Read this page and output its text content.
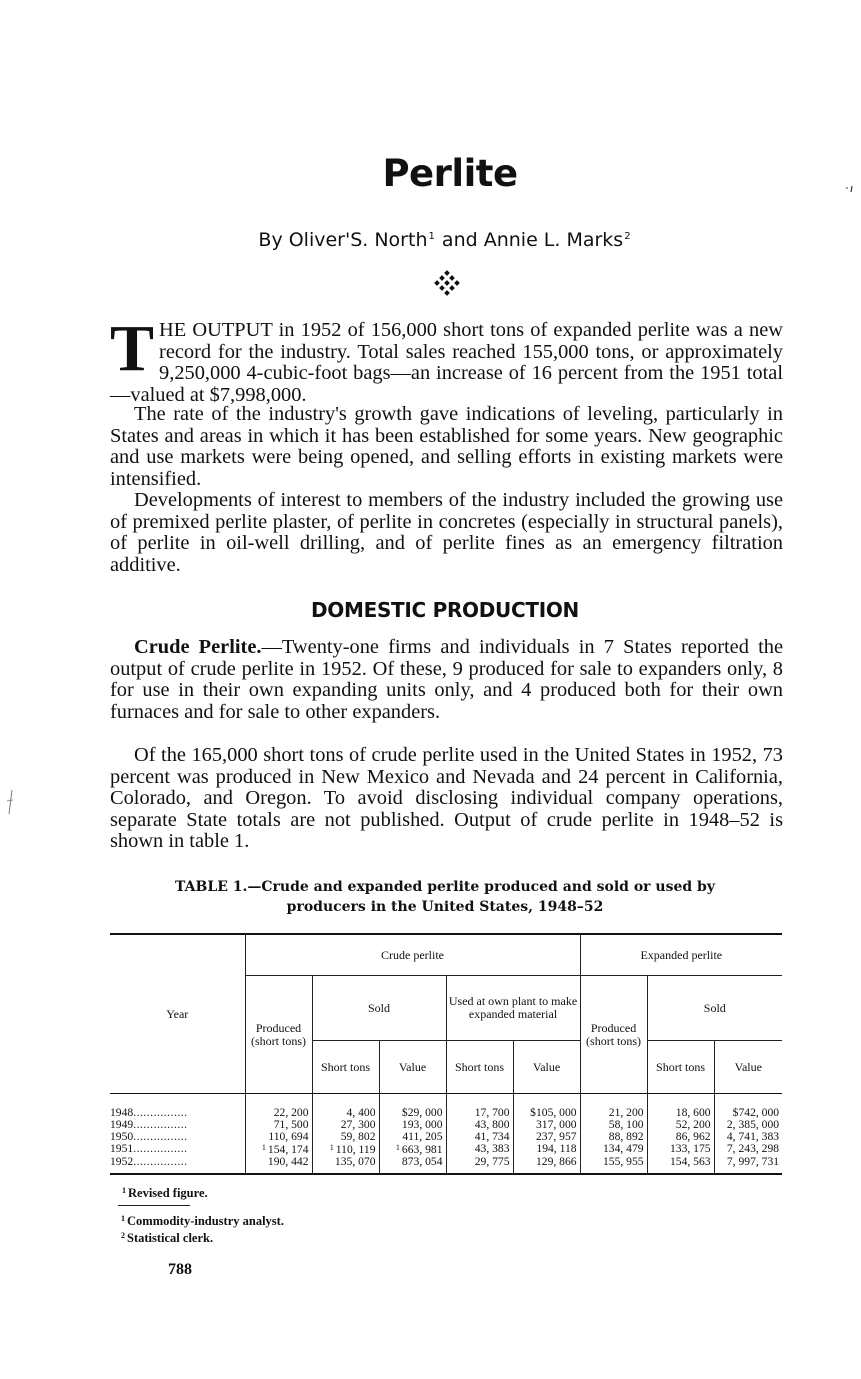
Perlite
By Oliver'S. North$^1$ and Annie L. Marks$^2$

THE OUTPUT in 1952 of 156,000 short tons of expanded perlite was a new record for the industry. Total sales reached 155,000 tons, or approximately 9,250,000 4-cubic-foot bags—an increase of 16 percent from the 1951 total—valued at $7,998,000.

The rate of the industry's growth gave indications of leveling, particularly in States and areas in which it has been established for some years. New geographic and use markets were being opened, and selling efforts in existing markets were intensified.

Developments of interest to members of the industry included the growing use of premixed perlite plaster, of perlite in concretes (especially in structural panels), of perlite in oil-well drilling, and of perlite fines as an emergency filtration additive.

DOMESTIC PRODUCTION

Crude Perlite.—Twenty-one firms and individuals in 7 States reported the output of crude perlite in 1952. Of these, 9 produced for sale to expanders only, 8 for use in their own expanding units only, and 4 produced both for their own furnaces and for sale to other expanders.

Of the 165,000 short tons of crude perlite used in the United States in 1952, 73 percent was produced in New Mexico and Nevada and 24 percent in California, Colorado, and Oregon. To avoid disclosing individual company operations, separate State totals are not published. Output of crude perlite in 1948–52 is shown in table 1.

TABLE 1.—Crude and expanded perlite produced and sold or used by
producers in the United States, 1948–52
Year	Crude perlite					Expanded perlite		
	Produced (short tons)	Sold		Used at own plant to make expanded material		Produced (short tons)	Sold	
		Short tons	Value	Short tons	Value		Short tons	Value
1948................	22, 200	4, 400	$29, 000	17, 700	$105, 000	21, 200	18, 600	$742, 000
1949................	71, 500	27, 300	193, 000	43, 800	317, 000	58, 100	52, 200	2, 385, 000
1950................	110, 694	59, 802	411, 205	41, 734	237, 957	88, 892	86, 962	4, 741, 383
1951................	$^1$ 154, 174	$^1$ 110, 119	$^1$ 663, 981	43, 383	194, 118	134, 479	133, 175	7, 243, 298
1952................	190, 442	135, 070	873, 054	29, 775	129, 866	155, 955	154, 563	7, 997, 731
$^1$ Revised figure.
$^1$ Commodity-industry analyst.
$^2$ Statistical clerk.
788
